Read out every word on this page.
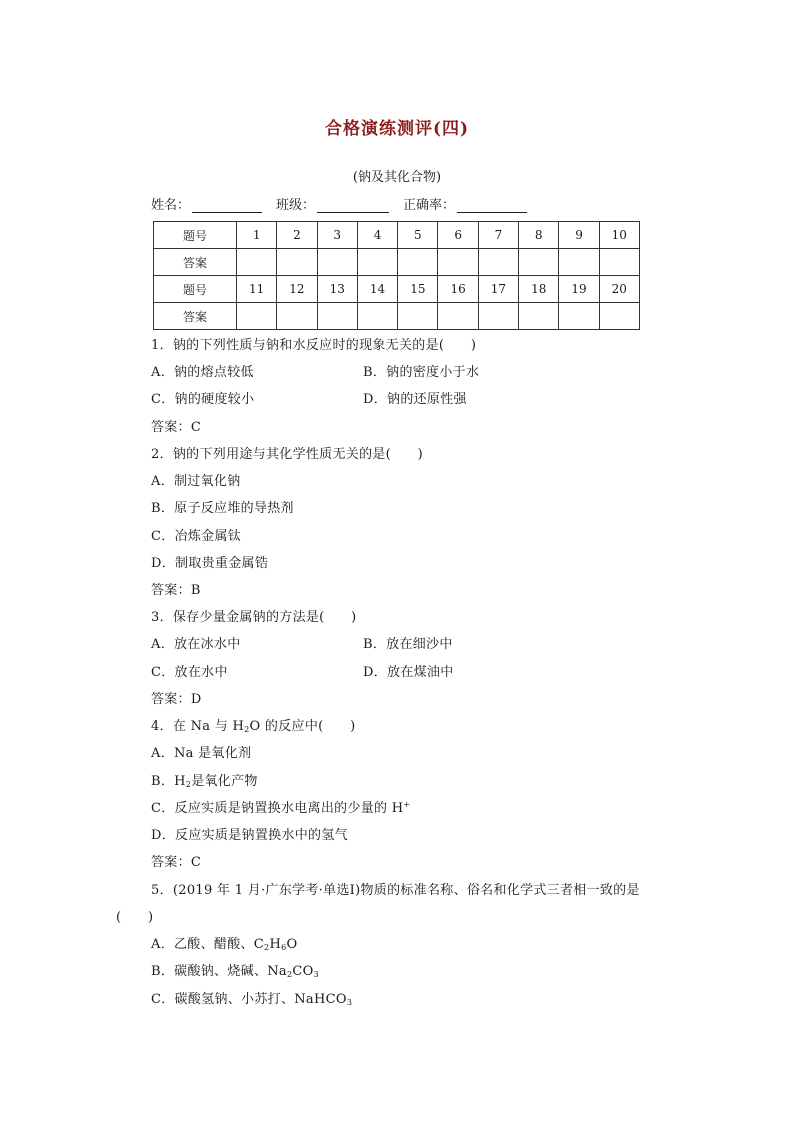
合格演练测评(四)
(钠及其化合物)
姓名：	班级：	正确率：
题号	1	2	3	4	5	6	7	8	9	10
答案										
题号	11	12	13	14	15	16	17	18	19	20
答案										
1．钠的下列性质与钠和水反应时的现象无关的是(　　)
A．钠的熔点较低	B．钠的密度小于水
C．钠的硬度较小	D．钠的还原性强
答案：C
2．钠的下列用途与其化学性质无关的是(　　)
A．制过氧化钠
B．原子反应堆的导热剂
C．冶炼金属钛
D．制取贵重金属锆
答案：B
3．保存少量金属钠的方法是(　　)
A．放在冰水中	B．放在细沙中
C．放在水中	D．放在煤油中
答案：D
4．在 Na 与 $H_2O$ 的反应中(　　)
A．Na 是氧化剂
B．$H_2$是氧化产物
C．反应实质是钠置换水电离出的少量的 H+
D．反应实质是钠置换水中的氢气
答案：C
5．(2019 年 1 月·广东学考·单选Ⅰ)物质的标准名称、俗名和化学式三者相一致的是
(　　)
A．乙酸、醋酸、$C_2H_6O$
B．碳酸钠、烧碱、$Na_2CO_3$
C．碳酸氢钠、小苏打、NaHCO$_3$
